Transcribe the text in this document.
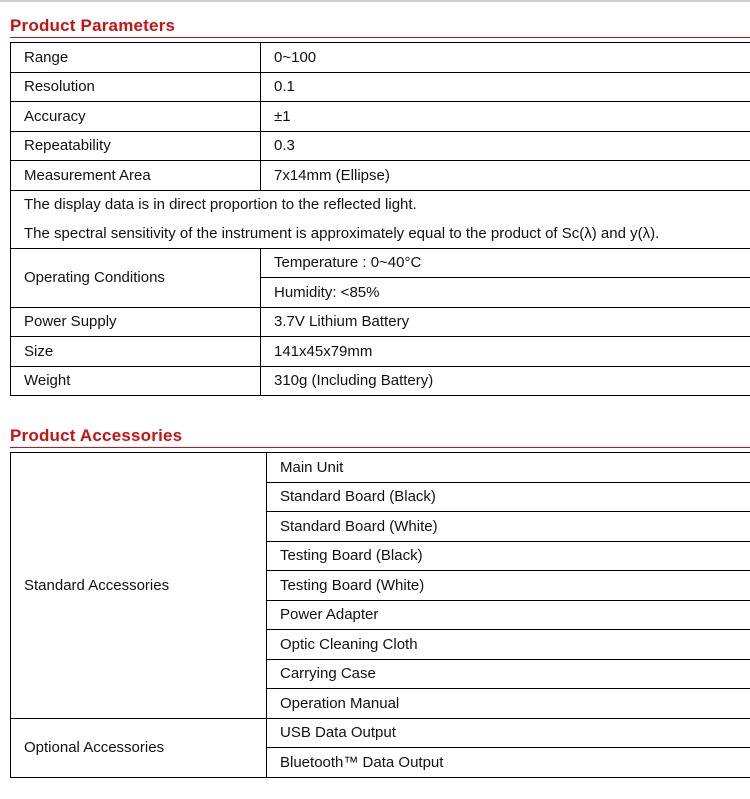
Product Parameters
Range	0~100
Resolution	0.1
Accuracy	±1
Repeatability	0.3
Measurement Area	7x14mm (Ellipse)
The display data is in direct proportion to the reflected light.	
The spectral sensitivity of the instrument is approximately equal to the product of Sc(λ) and y(λ).	
Operating Conditions	Temperature : 0~40°C
	Humidity: <85%
Power Supply	3.7V Lithium Battery
Size	141x45x79mm
Weight	310g (Including Battery)
Product Accessories
Standard Accessories	Main Unit
	Standard Board (Black)
	Standard Board (White)
	Testing Board (Black)
	Testing Board (White)
	Power Adapter
	Optic Cleaning Cloth
	Carrying Case
	Operation Manual
Optional Accessories	USB Data Output
	Bluetooth™ Data Output
